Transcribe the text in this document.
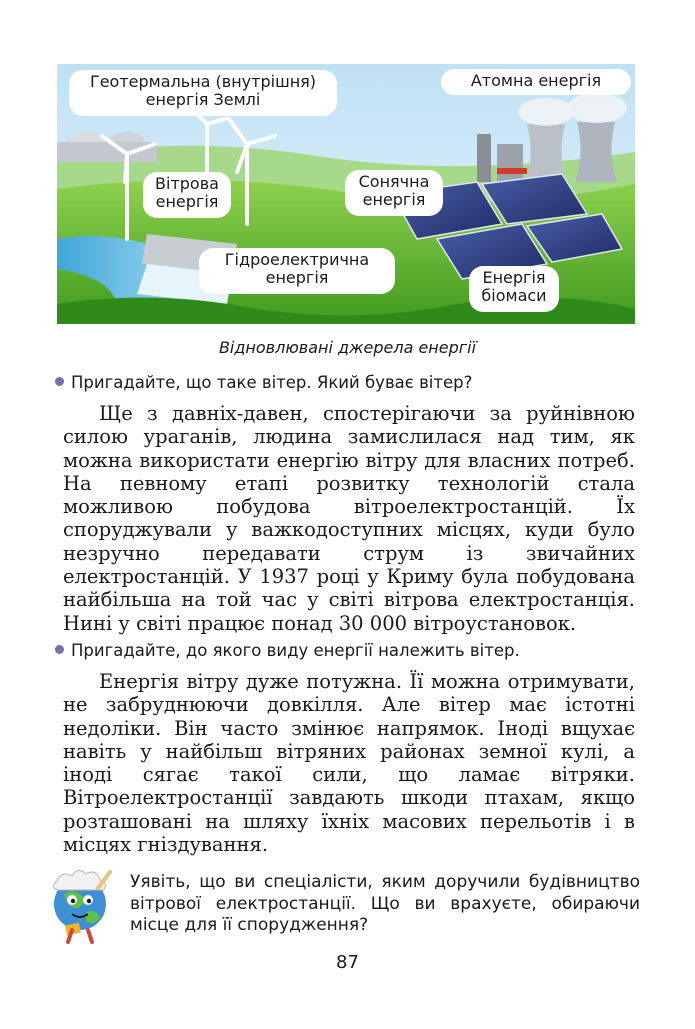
Геотермальна (внутрішня)
енергія Землі
Атомна енергія
Вітрова
енергія
Сонячна
енергія
Гідроелектрична
енергія	Енергія
біомаси
Відновлювані джерела енергії
Пригадайте, що таке вітер. Який буває вітер?

Ще з давніх-давен, спостерігаючи за руйнівною силою ураганів, людина замислилася над тим, як можна використати енергію вітру для власних потреб. На певному етапі розвитку технологій стала можливою побудова вітроелектростанцій. Їх споруджували у важкодоступних місцях, куди було незручно передавати струм із звичайних електростанцій. У 1937 році у Криму була побудована найбільша на той час у світі вітрова електростанція. Нині у світі працює понад 30 000 вітроустановок.

Пригадайте, до якого виду енергії належить вітер.

Енергія вітру дуже потужна. Її можна отримувати, не забруднюючи довкілля. Але вітер має істотні недоліки. Він часто змінює напрямок. Іноді вщухає навіть у найбільш вітряних районах земної кулі, а іноді сягає такої сили, що ламає вітряки. Вітроелектростанції завдають шкоди птахам, якщо розташовані на шляху їхніх масових перельотів і в місцях гніздування.

Уявіть, що ви спеціалісти, яким доручили будівництво вітрової електростанції. Що ви врахуєте, обираючи місце для її спорудження?

87
